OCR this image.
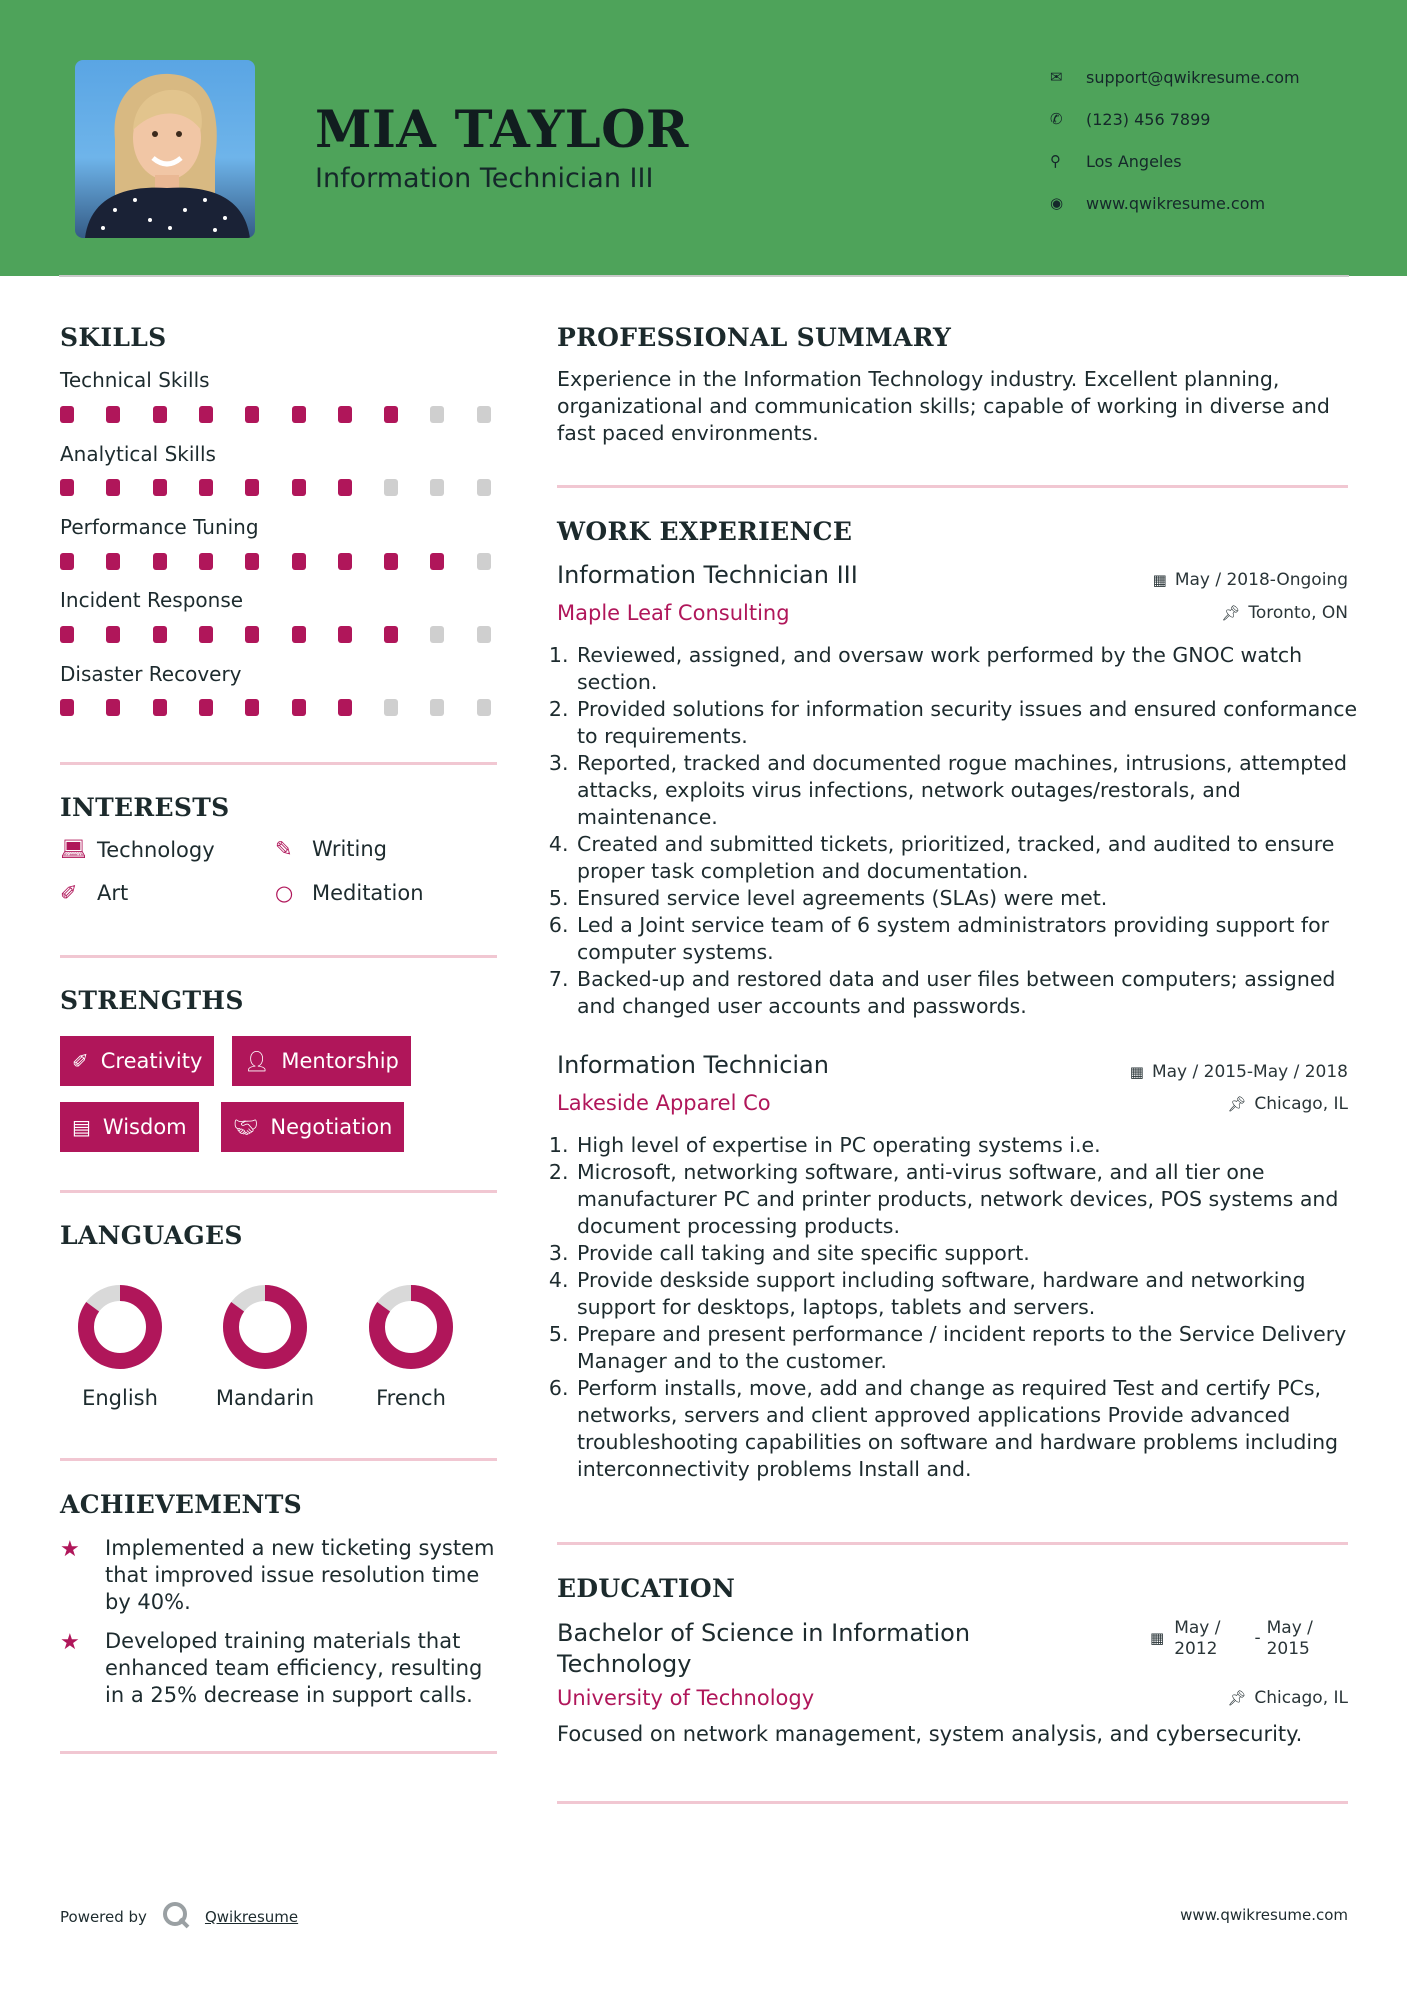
MIA TAYLOR
Information Technician III
✉	support@qwikresume.com
✆	(123) 456 7899
⚲	Los Angeles
◉	www.qwikresume.com
SKILLS
Technical Skills
Analytical Skills
Performance Tuning
Incident Response
Disaster Recovery
INTERESTS
💻︎ Technology	✎ Writing
✐ Art	○ Meditation
STRENGTHS
✐ Creativity 👤︎ Mentorship
▤ Wisdom 🤝︎ Negotiation
LANGUAGES
English	Mandarin	French
ACHIEVEMENTS
★	Implemented a new ticketing system that improved issue resolution time by 40%.
★	Developed training materials that enhanced team efficiency, resulting in a 25% decrease in support calls.
PROFESSIONAL SUMMARY
Experience in the Information Technology industry. Excellent planning, organizational and communication skills; capable of working in diverse and fast paced environments.
WORK EXPERIENCE
Information Technician III	▦ May / 2018-Ongoing
Maple Leaf Consulting	📌︎ Toronto, ON
1. Reviewed, assigned, and oversaw work performed by the GNOC watch section.
2. Provided solutions for information security issues and ensured conformance to requirements.
3. Reported, tracked and documented rogue machines, intrusions, attempted attacks, exploits virus infections, network outages/restorals, and maintenance.
4. Created and submitted tickets, prioritized, tracked, and audited to ensure proper task completion and documentation.
5. Ensured service level agreements (SLAs) were met.
6. Led a Joint service team of 6 system administrators providing support for computer systems.
7. Backed-up and restored data and user files between computers; assigned and changed user accounts and passwords.
Information Technician	▦ May / 2015-May / 2018
Lakeside Apparel Co	📌︎ Chicago, IL
1. High level of expertise in PC operating systems i.e.
2. Microsoft, networking software, anti-virus software, and all tier one manufacturer PC and printer products, network devices, POS systems and document processing products.
3. Provide call taking and site specific support.
4. Provide deskside support including software, hardware and networking support for desktops, laptops, tablets and servers.
5. Prepare and present performance / incident reports to the Service Delivery Manager and to the customer.
6. Perform installs, move, add and change as required Test and certify PCs, networks, servers and client approved applications Provide advanced troubleshooting capabilities on software and hardware problems including interconnectivity problems Install and.
EDUCATION
Bachelor of Science in Information
Technology
▦ May /
2012
- May /
2015
University of Technology	📌︎ Chicago, IL
Focused on network management, system analysis, and cybersecurity.
Powered by	Qwikresume	www.qwikresume.com
